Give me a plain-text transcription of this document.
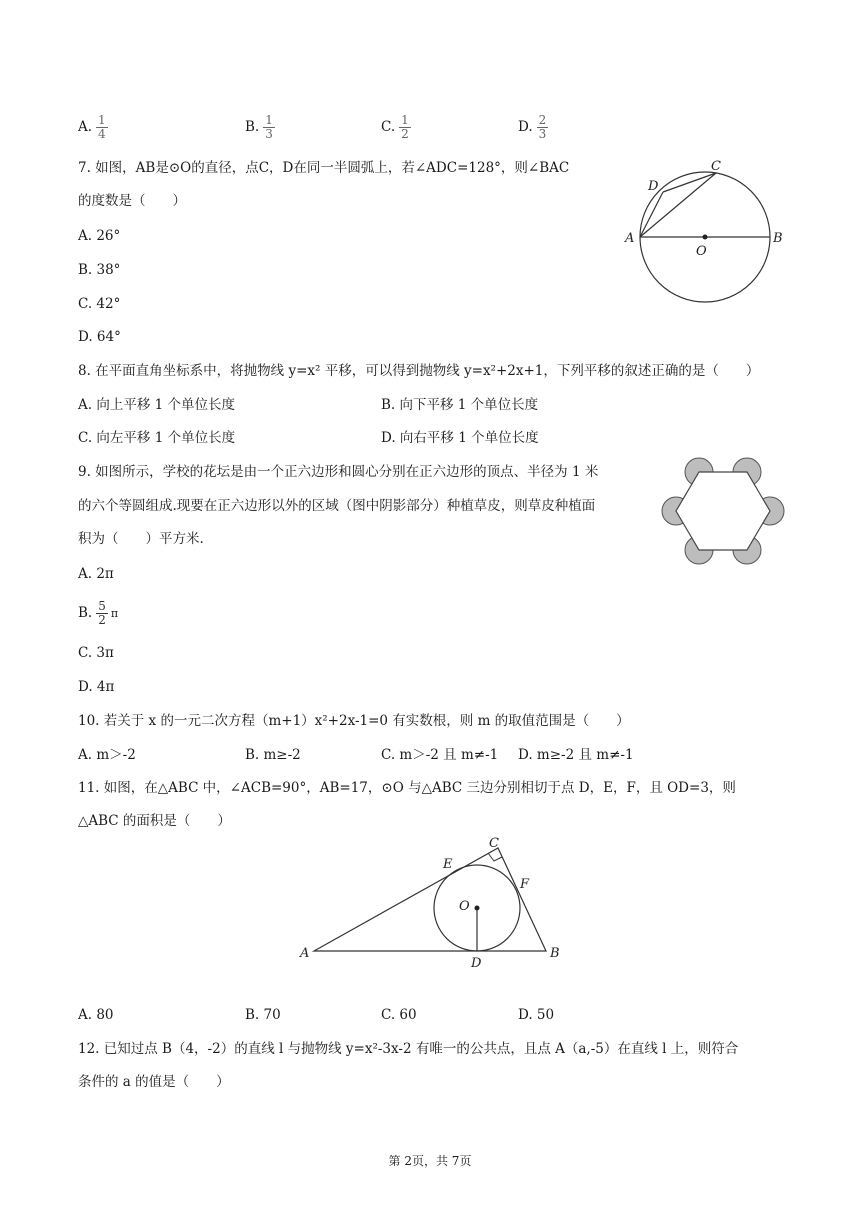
A. $\frac{1}{4}$	B. $\frac{1}{3}$	C. $\frac{1}{2}$	D. $\frac{2}{3}$
7. 如图，AB是⊙O的直径，点C，D在同一半圆弧上，若∠ADC=128°，则∠BAC
的度数是（　　）
A. 26°
B. 38°
C. 42°
D. 64°
A	B
C
D
O
8. 在平面直角坐标系中，将抛物线 y=x² 平移，可以得到抛物线 y=x²+2x+1，下列平移的叙述正确的是（　　）
A. 向上平移 1 个单位长度	B. 向下平移 1 个单位长度
C. 向左平移 1 个单位长度	D. 向右平移 1 个单位长度
9. 如图所示，学校的花坛是由一个正六边形和圆心分别在正六边形的顶点、半径为 1 米
的六个等圆组成.现要在正六边形以外的区域（图中阴影部分）种植草皮，则草皮种植面
积为（　　）平方米.
A. 2π
B. $\frac{5}{2}$ π
C. 3π
D. 4π
10. 若关于 x 的一元二次方程（m+1）x²+2x-1=0 有实数根，则 m 的取值范围是（　　）
A. m＞-2	B. m≥-2	C. m＞-2 且 m≠-1 D. m≥-2 且 m≠-1
11. 如图，在△ABC 中，∠ACB=90°，AB=17，⊙O 与△ABC 三边分别相切于点 D，E，F，且 OD=3，则
△ABC 的面积是（　　）
A	B
C
D
E
F
O
A. 80	B. 70	C. 60	D. 50
12. 已知过点 B（4，-2）的直线 l 与抛物线 y=x²-3x-2 有唯一的公共点，且点 A（a,-5）在直线 l 上，则符合
条件的 a 的值是（　　）
第 2页，共 7页
